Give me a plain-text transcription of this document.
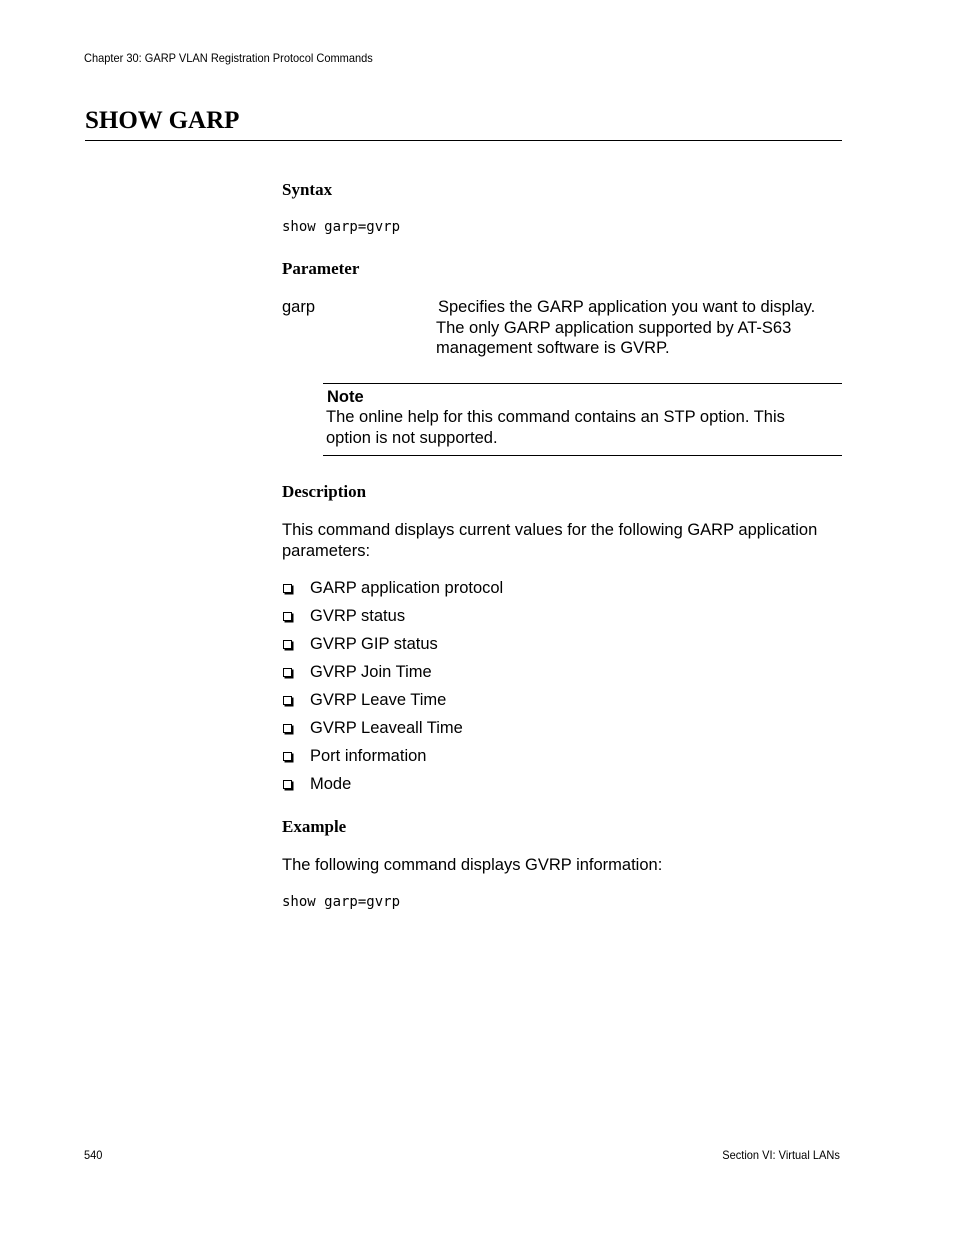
Chapter 30: GARP VLAN Registration Protocol Commands
SHOW GARP
Syntax
show garp=gvrp
Parameter
garp	Specifies the GARP application you want to display. The only GARP application supported by AT-S63 management software is GVRP.
Note
The online help for this command contains an STP option. This option is not supported.
Description
This command displays current values for the following GARP application parameters:
GARP application protocol
GVRP status
GVRP GIP status
GVRP Join Time
GVRP Leave Time
GVRP Leaveall Time
Port information
Mode
Example
The following command displays GVRP information:
show garp=gvrp
540	Section VI: Virtual LANs
